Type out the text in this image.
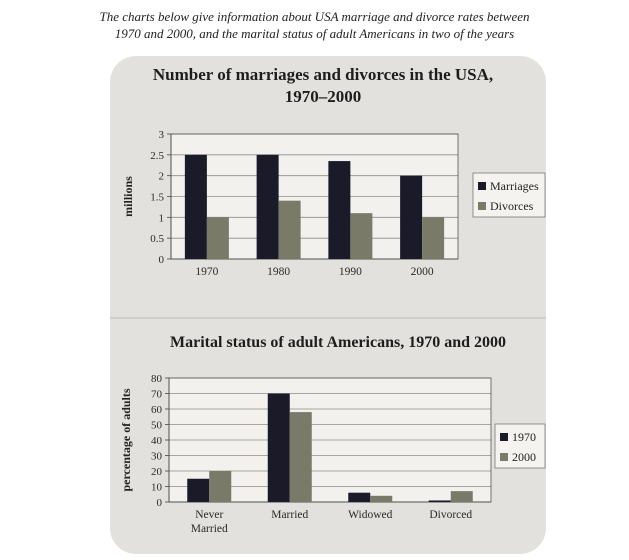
The charts below give information about USA marriage and divorce rates between
1970 and 2000, and the marital status of adult Americans in two of the years
Number of marriages and divorces in the USA,
1970–2000
0
0.5
1
1.5
2
2.5
3
1970	1980	1990	2000
millions	Marriages
Divorces
Marital status of adult Americans, 1970 and 2000
0
10
20
30
40
50
60
70
80
Never
Married
Married	Widowed	Divorced
percentage of adults	1970
2000
